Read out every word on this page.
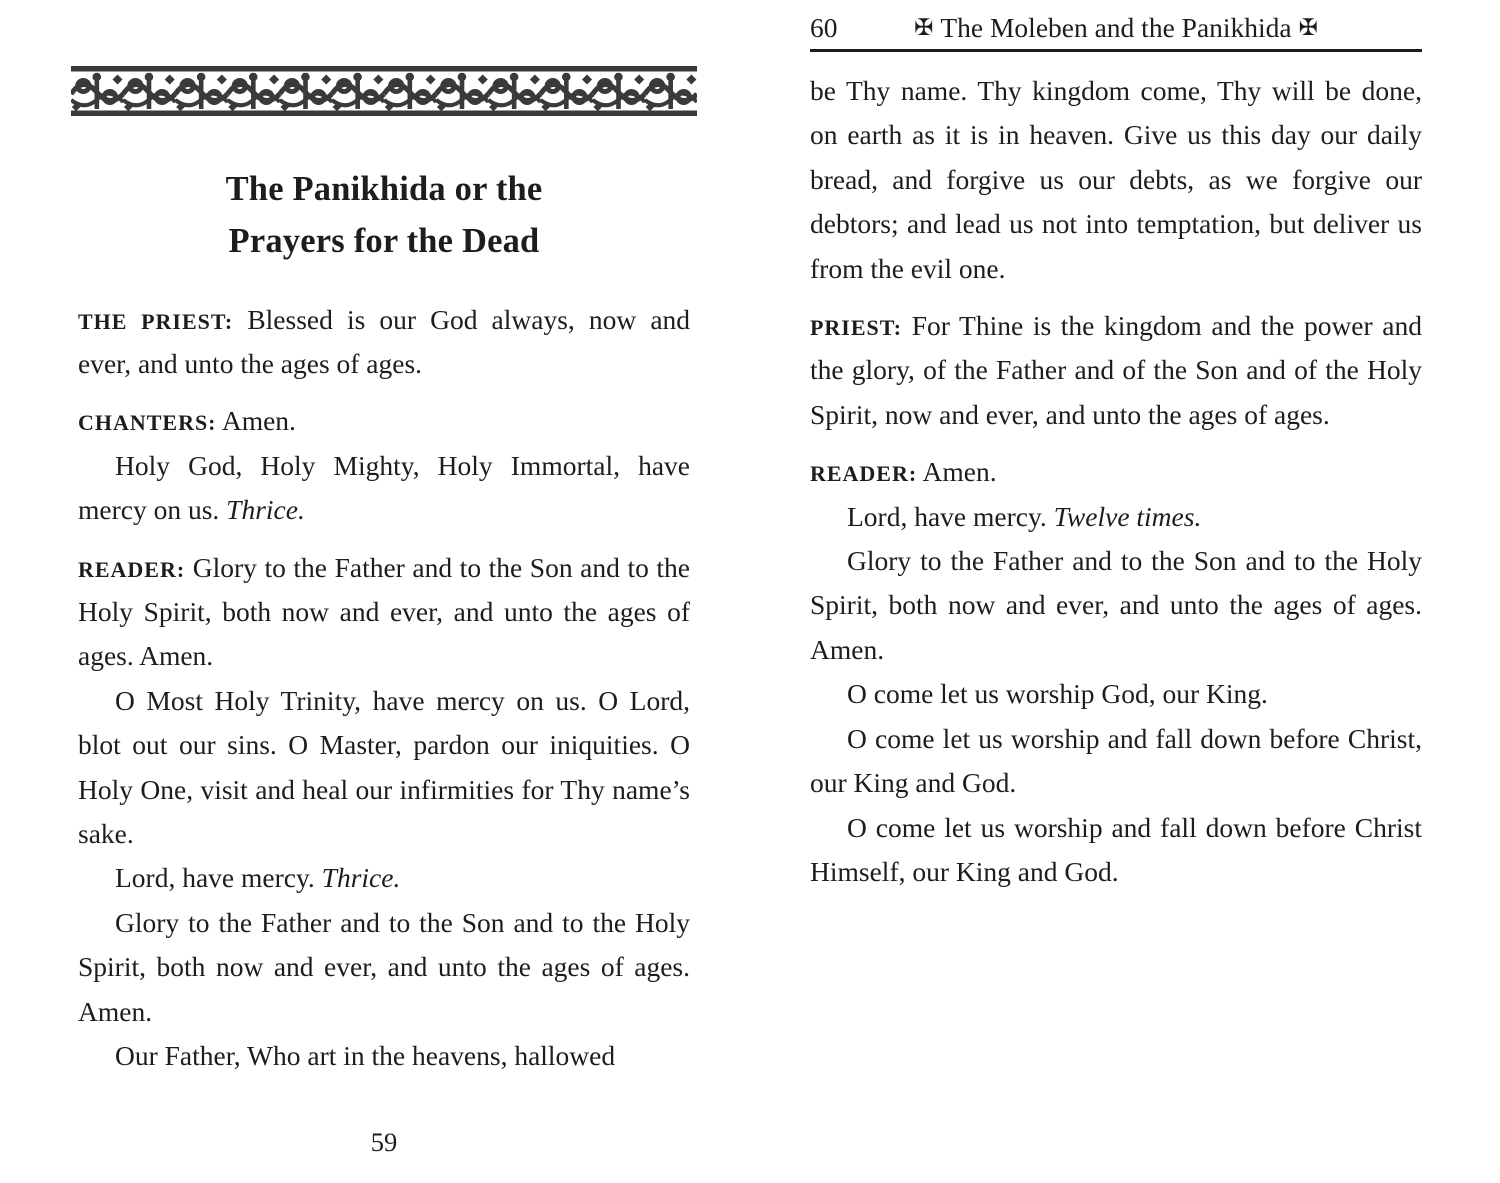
The Panikhida or the
Prayers for the Dead

THE PRIEST: Blessed is our God always, now and ever, and unto the ages of ages.

CHANTERS: Amen.

Holy God, Holy Mighty, Holy Immortal, have mercy on us. Thrice.

READER: Glory to the Father and to the Son and to the Holy Spirit, both now and ever, and unto the ages of ages. Amen.

O Most Holy Trinity, have mercy on us. O Lord, blot out our sins. O Master, pardon our iniquities. O Holy One, visit and heal our infirmities for Thy name’s sake.

Lord, have mercy. Thrice.

Glory to the Father and to the Son and to the Holy Spirit, both now and ever, and unto the ages of ages. Amen.

Our Father, Who art in the heavens, hallowed

59
60	✠ The Moleben and the Panikhida ✠

be Thy name. Thy kingdom come, Thy will be done, on earth as it is in heaven. Give us this day our daily bread, and forgive us our debts, as we forgive our debtors; and lead us not into temptation, but deliver us from the evil one.

PRIEST: For Thine is the kingdom and the power and the glory, of the Father and of the Son and of the Holy Spirit, now and ever, and unto the ages of ages.

READER: Amen.

Lord, have mercy. Twelve times.

Glory to the Father and to the Son and to the Holy Spirit, both now and ever, and unto the ages of ages. Amen.

O come let us worship God, our King.

O come let us worship and fall down before Christ, our King and God.

O come let us worship and fall down before Christ Himself, our King and God.
